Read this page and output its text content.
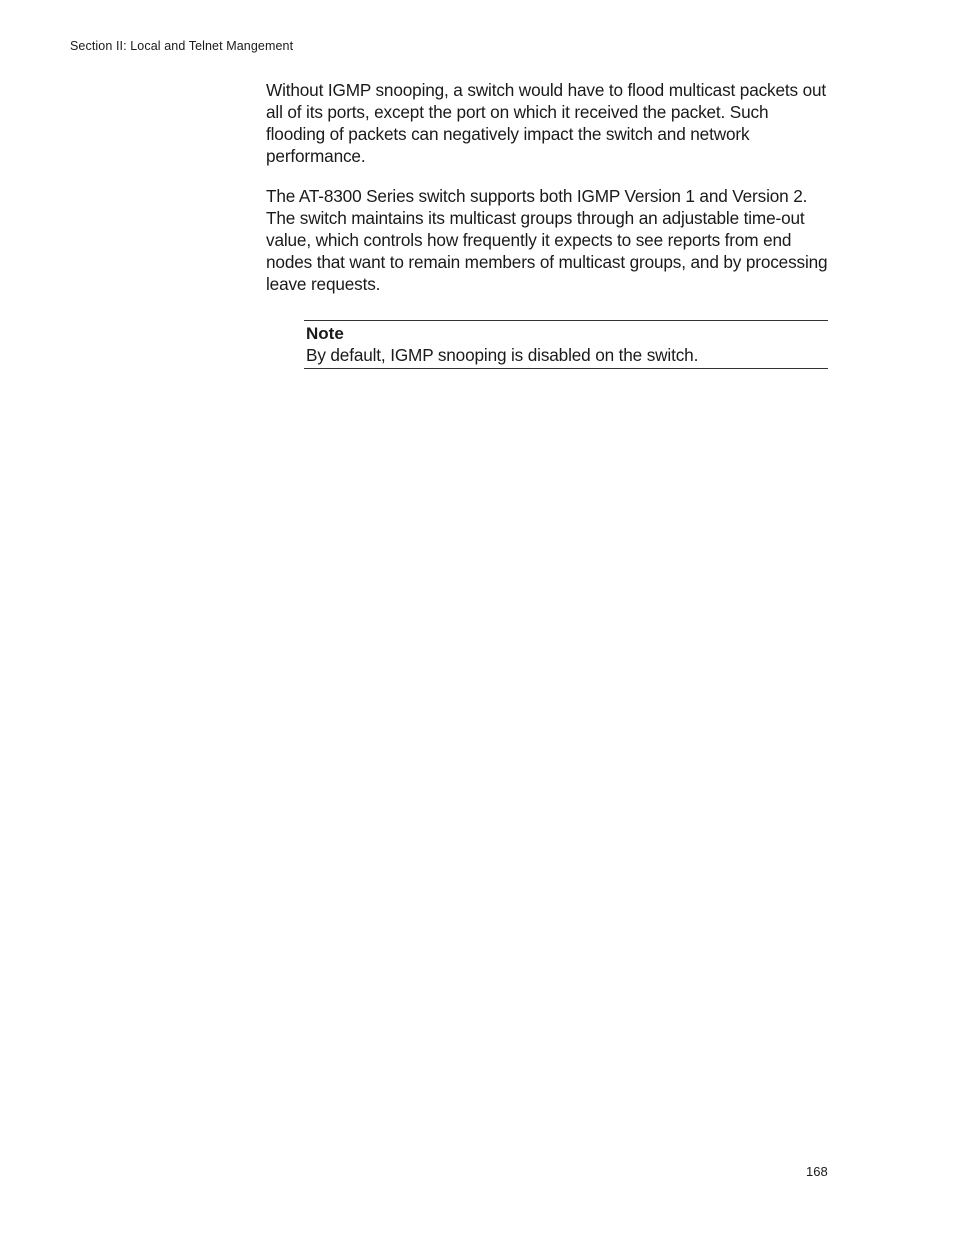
Section II: Local and Telnet Mangement

Without IGMP snooping, a switch would have to flood multicast packets out all of its ports, except the port on which it received the packet. Such flooding of packets can negatively impact the switch and network performance.

The AT-8300 Series switch supports both IGMP Version 1 and Version 2. The switch maintains its multicast groups through an adjustable time-out value, which controls how frequently it expects to see reports from end nodes that want to remain members of multicast groups, and by processing leave requests.

Note

By default, IGMP snooping is disabled on the switch.

168
